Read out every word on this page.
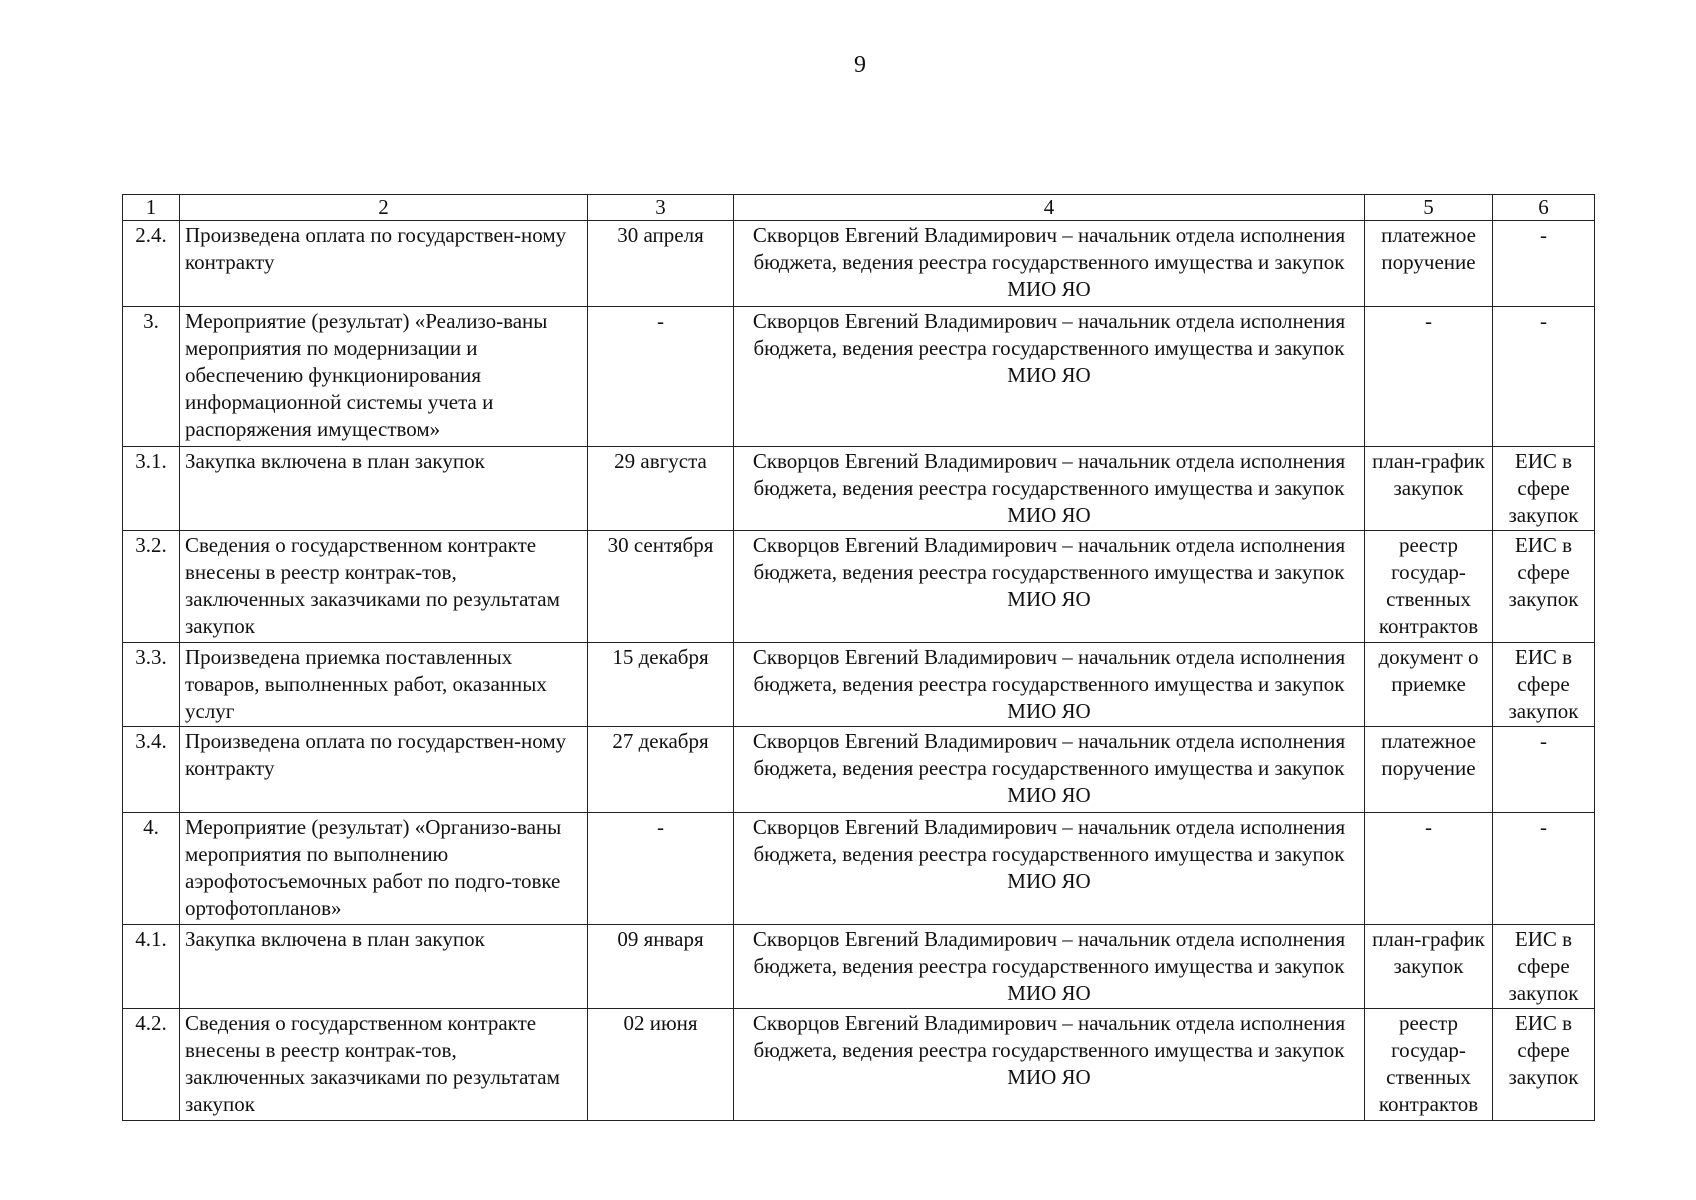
9
1	2	3	4	5	6
2.4.	Произведена оплата по государствен-ному контракту	30 апреля	Скворцов Евгений Владимирович – начальник отдела исполнения бюджета, ведения реестра государственного имущества и закупок МИО ЯО	платежное поручение	-
3.	Мероприятие (результат) «Реализо-ваны мероприятия по модернизации и обеспечению функционирования информационной системы учета и распоряжения имуществом»	-	Скворцов Евгений Владимирович – начальник отдела исполнения бюджета, ведения реестра государственного имущества и закупок МИО ЯО	-	-
3.1.	Закупка включена в план закупок	29 августа	Скворцов Евгений Владимирович – начальник отдела исполнения бюджета, ведения реестра государственного имущества и закупок МИО ЯО	план-график закупок	ЕИС в сфере закупок
3.2.	Сведения о государственном контракте внесены в реестр контрак-тов, заключенных заказчиками по результатам закупок	30 сентября	Скворцов Евгений Владимирович – начальник отдела исполнения бюджета, ведения реестра государственного имущества и закупок МИО ЯО	реестр государ-ственных контрактов	ЕИС в сфере закупок
3.3.	Произведена приемка поставленных товаров, выполненных работ, оказанных услуг	15 декабря	Скворцов Евгений Владимирович – начальник отдела исполнения бюджета, ведения реестра государственного имущества и закупок МИО ЯО	документ о приемке	ЕИС в сфере закупок
3.4.	Произведена оплата по государствен-ному контракту	27 декабря	Скворцов Евгений Владимирович – начальник отдела исполнения бюджета, ведения реестра государственного имущества и закупок МИО ЯО	платежное поручение	-
4.	Мероприятие (результат) «Организо-ваны мероприятия по выполнению аэрофотосъемочных работ по подго-товке ортофотопланов»	-	Скворцов Евгений Владимирович – начальник отдела исполнения бюджета, ведения реестра государственного имущества и закупок МИО ЯО	-	-
4.1.	Закупка включена в план закупок	09 января	Скворцов Евгений Владимирович – начальник отдела исполнения бюджета, ведения реестра государственного имущества и закупок МИО ЯО	план-график закупок	ЕИС в сфере закупок
4.2.	Сведения о государственном контракте внесены в реестр контрак-тов, заключенных заказчиками по результатам закупок	02 июня	Скворцов Евгений Владимирович – начальник отдела исполнения бюджета, ведения реестра государственного имущества и закупок МИО ЯО	реестр государ-ственных контрактов	ЕИС в сфере закупок
